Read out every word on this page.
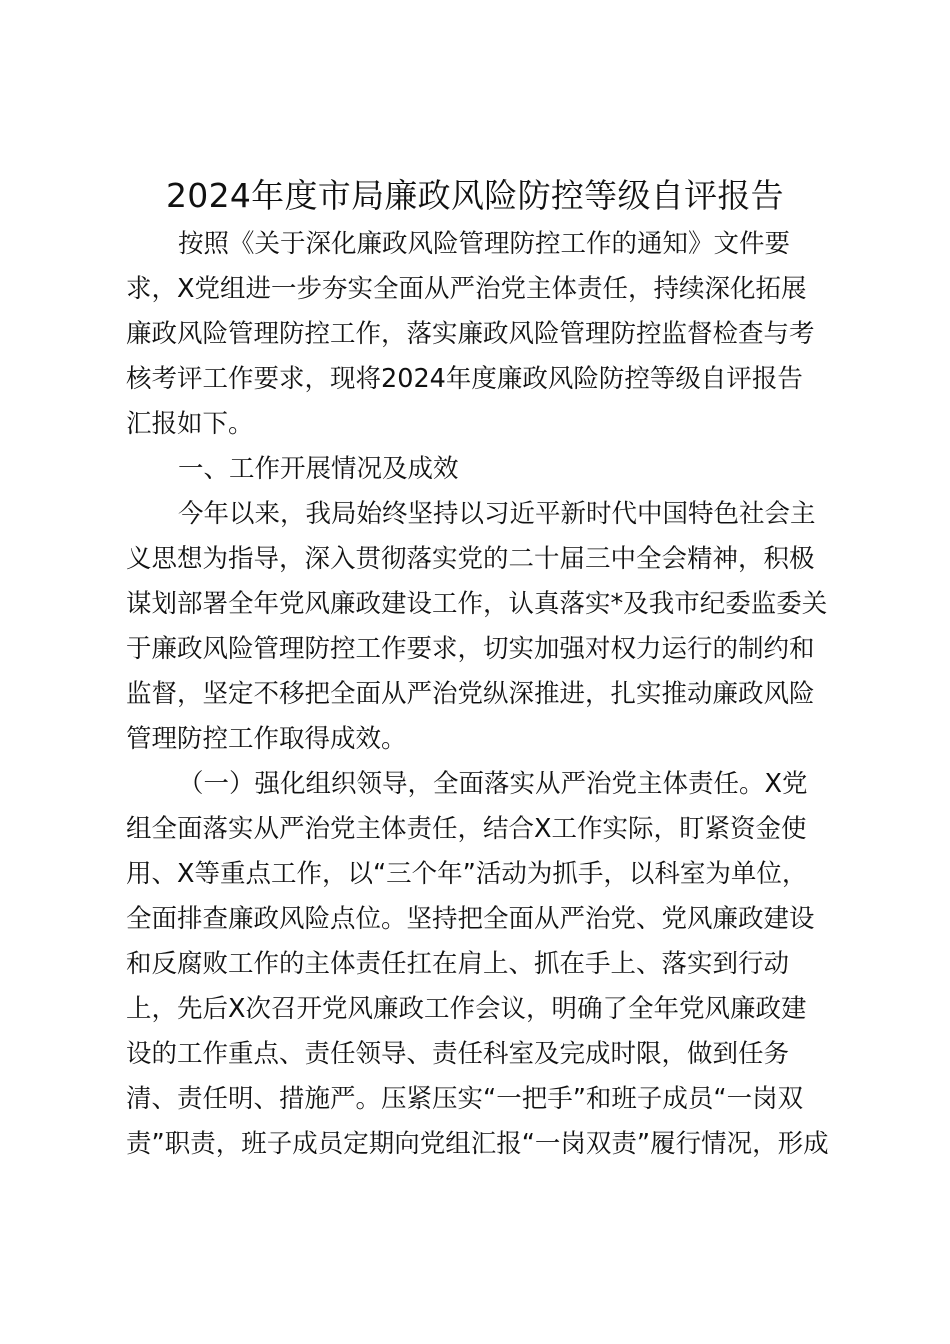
2024年度市局廉政风险防控等级自评报告
按照《关于深化廉政风险管理防控工作的通知》文件要
求，X党组进一步夯实全面从严治党主体责任，持续深化拓展
廉政风险管理防控工作，落实廉政风险管理防控监督检查与考
核考评工作要求，现将2024年度廉政风险防控等级自评报告
汇报如下。
一、工作开展情况及成效
今年以来，我局始终坚持以习近平新时代中国特色社会主
义思想为指导，深入贯彻落实党的二十届三中全会精神，积极
谋划部署全年党风廉政建设工作，认真落实*及我市纪委监委关
于廉政风险管理防控工作要求，切实加强对权力运行的制约和
监督，坚定不移把全面从严治党纵深推进，扎实推动廉政风险
管理防控工作取得成效。
（一）强化组织领导，全面落实从严治党主体责任。X党
组全面落实从严治党主体责任，结合X工作实际，盯紧资金使
用、X等重点工作，以“三个年”活动为抓手，以科室为单位，
全面排查廉政风险点位。坚持把全面从严治党、党风廉政建设
和反腐败工作的主体责任扛在肩上、抓在手上、落实到行动
上，先后X次召开党风廉政工作会议，明确了全年党风廉政建
设的工作重点、责任领导、责任科室及完成时限，做到任务
清、责任明、措施严。压紧压实“一把手”和班子成员“一岗双
责”职责，班子成员定期向党组汇报“一岗双责”履行情况，形成
